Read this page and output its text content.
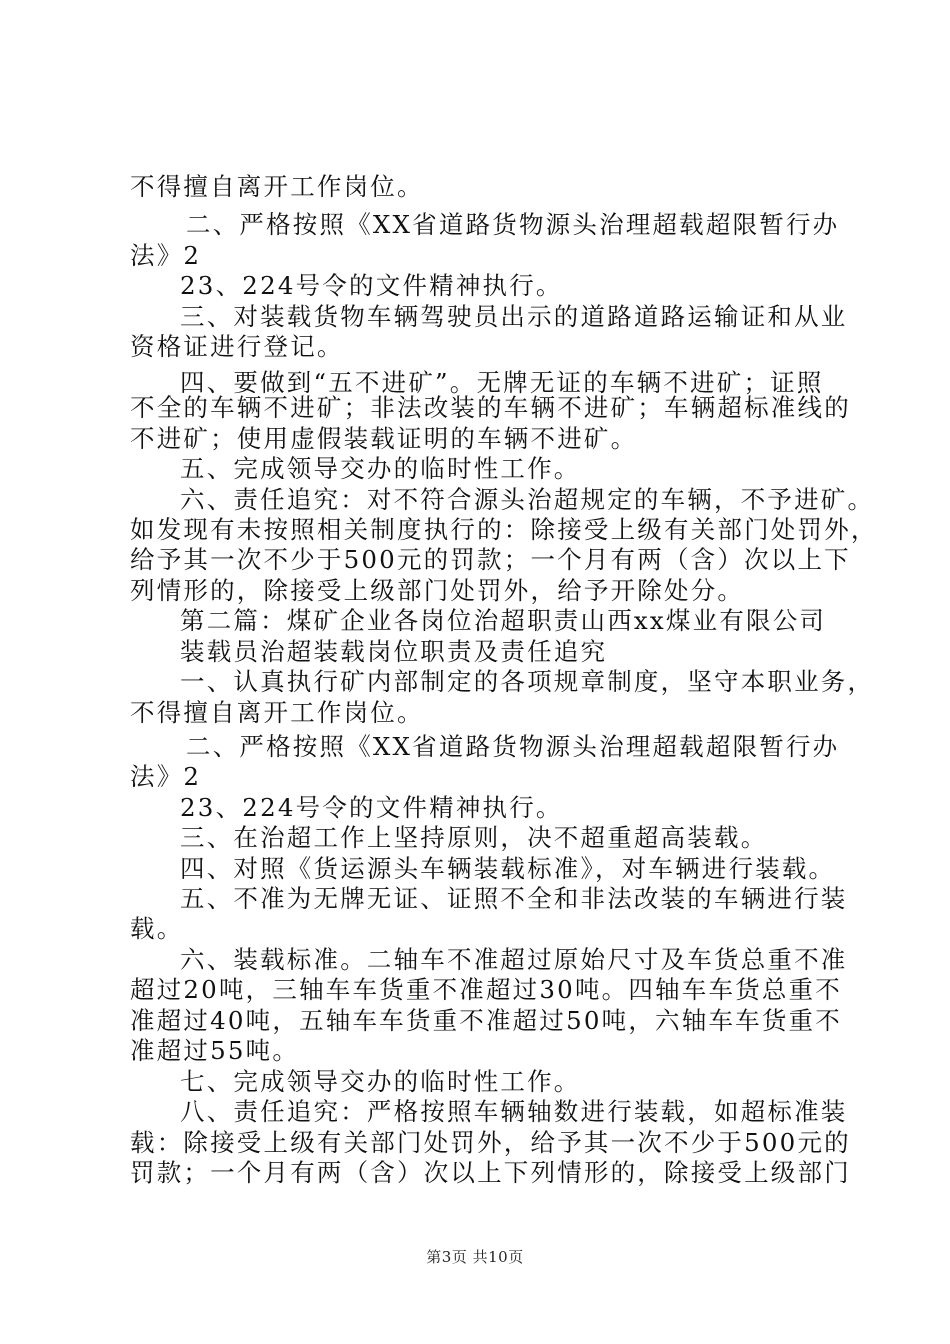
不得擅自离开工作岗位。
二、严格按照《XX省道路货物源头治理超载超限暂行办
法》2
23、224号令的文件精神执行。
三、对装载货物车辆驾驶员出示的道路道路运输证和从业
资格证进行登记。
四、要做到“五不进矿”。无牌无证的车辆不进矿；证照
不全的车辆不进矿；非法改装的车辆不进矿；车辆超标准线的
不进矿；使用虚假装载证明的车辆不进矿。
五、完成领导交办的临时性工作。
六、责任追究：对不符合源头治超规定的车辆，不予进矿。
如发现有未按照相关制度执行的：除接受上级有关部门处罚外，
给予其一次不少于500元的罚款；一个月有两（含）次以上下
列情形的，除接受上级部门处罚外，给予开除处分。
第二篇：煤矿企业各岗位治超职责山西xx煤业有限公司
装载员治超装载岗位职责及责任追究
一、认真执行矿内部制定的各项规章制度，坚守本职业务，
不得擅自离开工作岗位。
二、严格按照《XX省道路货物源头治理超载超限暂行办
法》2
23、224号令的文件精神执行。
三、在治超工作上坚持原则，决不超重超高装载。
四、对照《货运源头车辆装载标准》，对车辆进行装载。
五、不准为无牌无证、证照不全和非法改装的车辆进行装
载。
六、装载标准。二轴车不准超过原始尺寸及车货总重不准
超过20吨，三轴车车货重不准超过30吨。四轴车车货总重不
准超过40吨，五轴车车货重不准超过50吨，六轴车车货重不
准超过55吨。
七、完成领导交办的临时性工作。
八、责任追究：严格按照车辆轴数进行装载，如超标准装
载：除接受上级有关部门处罚外，给予其一次不少于500元的
罚款；一个月有两（含）次以上下列情形的，除接受上级部门
第3页 共10页
